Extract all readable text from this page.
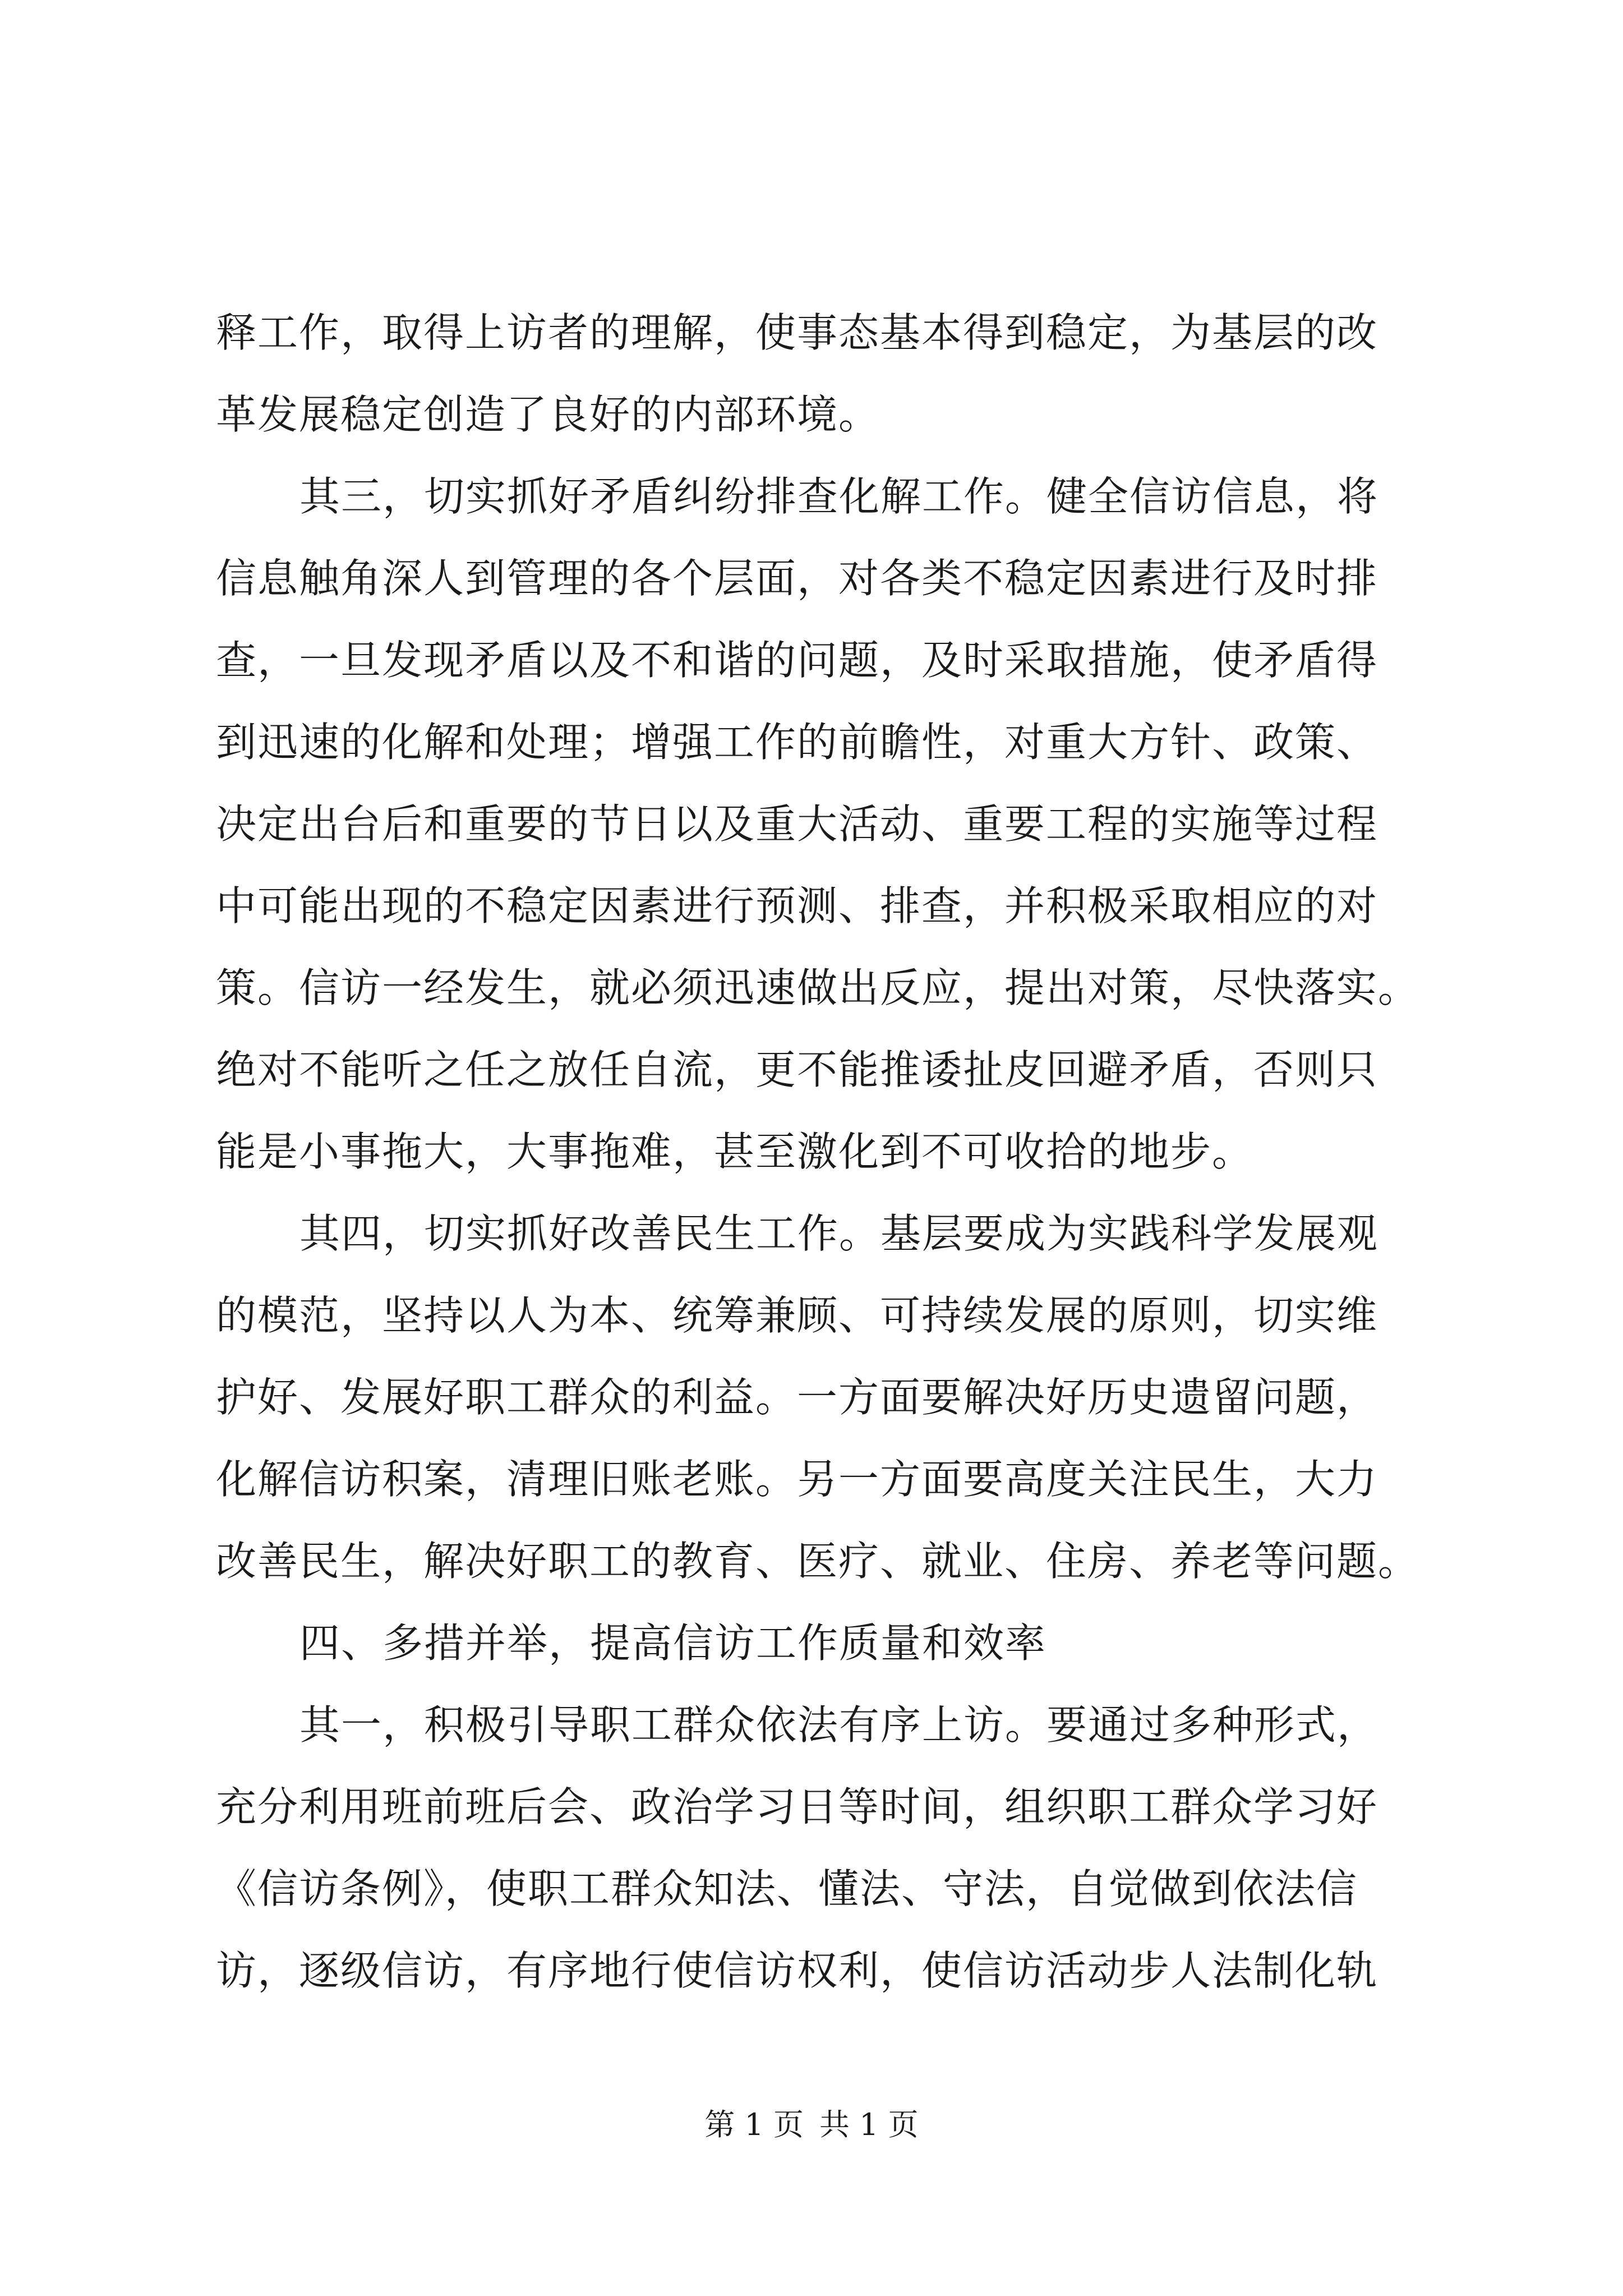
释工作，取得上访者的理解，使事态基本得到稳定，为基层的改
革发展稳定创造了良好的内部环境。
其三，切实抓好矛盾纠纷排查化解工作。健全信访信息，将
信息触角深人到管理的各个层面，对各类不稳定因素进行及时排
查，一旦发现矛盾以及不和谐的问题，及时采取措施，使矛盾得
到迅速的化解和处理；增强工作的前瞻性，对重大方针、政策、
决定出台后和重要的节日以及重大活动、重要工程的实施等过程
中可能出现的不稳定因素进行预测、排查，并积极采取相应的对
策。信访一经发生，就必须迅速做出反应，提出对策，尽快落实。
绝对不能听之任之放任自流，更不能推诿扯皮回避矛盾，否则只
能是小事拖大，大事拖难，甚至激化到不可收拾的地步。
其四，切实抓好改善民生工作。基层要成为实践科学发展观
的模范，坚持以人为本、统筹兼顾、可持续发展的原则，切实维
护好、发展好职工群众的利益。一方面要解决好历史遗留问题，
化解信访积案，清理旧账老账。另一方面要高度关注民生，大力
改善民生，解决好职工的教育、医疗、就业、住房、养老等问题。
四、多措并举，提高信访工作质量和效率
其一，积极引导职工群众依法有序上访。要通过多种形式，
充分利用班前班后会、政治学习日等时间，组织职工群众学习好
《信访条例》，使职工群众知法、懂法、守法，自觉做到依法信
访，逐级信访，有序地行使信访权利，使信访活动步人法制化轨
第 1 页 共 1 页
